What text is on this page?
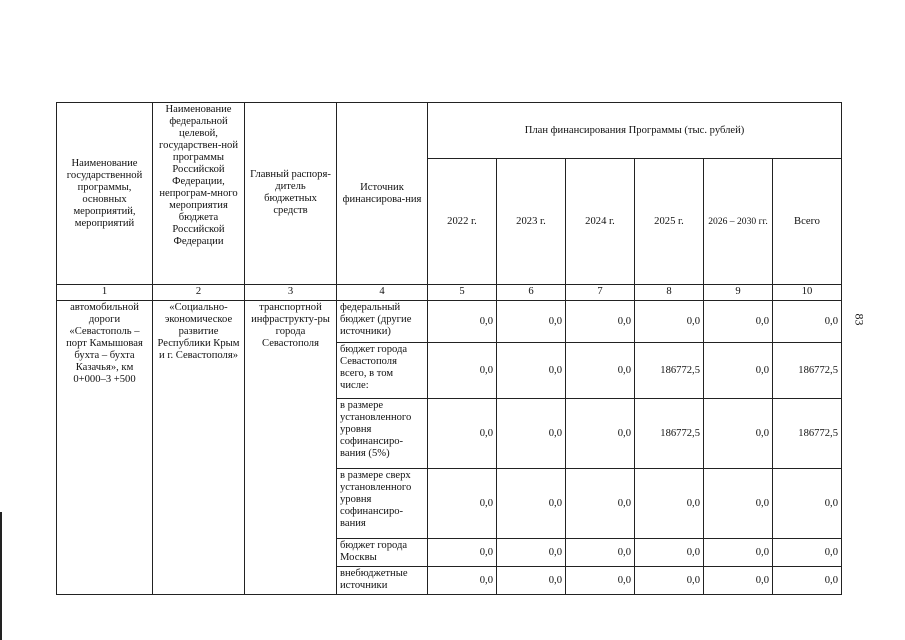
83
Наименование государственной программы, основных мероприятий, мероприятий	Наименование федеральной целевой, государствен-ной программы Российской Федерации, непрограм-много мероприятия бюджета Российской Федерации	Главный распоря-дитель бюджетных средств	Источник финансирова-ния	План финансирования Программы (тыс. рублей)					
				2022 г.	2023 г.	2024 г.	2025 г.	2026 – 2030 гг.	Всего
1	2	3	4	5	6	7	8	9	10
автомобильной дороги «Севастополь – порт Камышовая бухта – бухта Казачья», км 0+000–3 +500	«Социально-экономическое развитие Республики Крым и г. Севастополя»	транспортной инфраструкту-ры города Севастополя	федеральный бюджет (другие источники)	0,0	0,0	0,0	0,0	0,0	0,0
			бюджет города Севастополя всего, в том числе:	0,0	0,0	0,0	186772,5	0,0	186772,5
			в размере установленного уровня софинансиро-вания (5%)	0,0	0,0	0,0	186772,5	0,0	186772,5
			в размере сверх установленного уровня софинансиро-вания	0,0	0,0	0,0	0,0	0,0	0,0
			бюджет города Москвы	0,0	0,0	0,0	0,0	0,0	0,0
			внебюджетные источники	0,0	0,0	0,0	0,0	0,0	0,0
